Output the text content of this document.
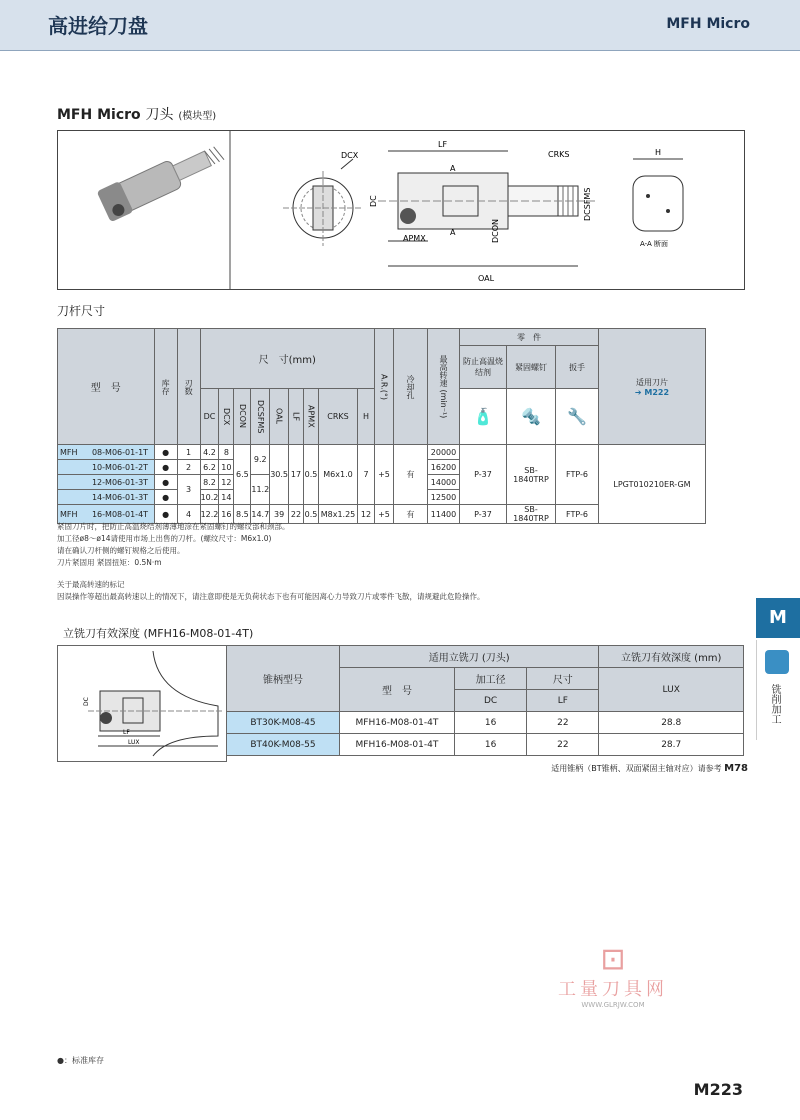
高进给刀盘	MFH Micro
MFH Micro 刀头 (模块型)
DCX
LF
CRKS
A
A
APMX
OAL
DC
DCON
DCSFMS
H
A-A 断面
刀杆尺寸
型　号		库存	刃数	尺　寸(mm)									A.R.(°)	冷却孔	最高转速 (min⁻¹)	零　件			适用刀片
➔ M222

																防止高温烧结剂	紧固螺钉	扳手	
				DC	DCX	DCON	DCSFMS	OAL	LF	APMX	CRKS	H				🧴	🔩	🔧	
MFH	08-M06-01-1T	●	1	4.2	8	6.5	9.2	30.5	17	0.5	M6x1.0	7	+5	有	20000	P-37	SB-1840TRP	FTP-6	LPGT010210ER-GM
	10-M06-01-2T	●	2	6.2	10										16200				
	12-M06-01-3T	●	3	8.2	12		11.2								14000				
	14-M06-01-3T	●		10.2	14										12500				
MFH	16-M08-01-4T	●	4	12.2	16	8.5	14.7	39	22	0.5	M8x1.25	12	+5	有	11400	P-37	SB-1840TRP	FTP-6	
紧固刀片时，把防止高温烧结剂薄薄地涂在紧固螺钉的螺纹部和颈部。
加工径ø8～ø14请使用市场上出售的刀杆。(螺纹尺寸：M6x1.0)
请在确认刀杆侧的螺钉规格之后使用。
刀片紧固用 紧固扭矩：0.5N·m
关于最高转速的标记
因误操作等超出最高转速以上的情况下，请注意即使是无负荷状态下也有可能因离心力导致刀片或零件飞散，请规避此危险操作。
立铣刀有效深度 (MFH16-M08-01-4T)
DC
LF
LUX
锥柄型号	适用立铣刀 (刀头)			立铣刀有效深度 (mm)
	型　号	加工径	尺寸	LUX
		DC	LF	
BT30K-M08-45	MFH16-M08-01-4T	16	22	28.8
BT40K-M08-55	MFH16-M08-01-4T	16	22	28.7
适用锥柄（BT锥柄、双面紧固主轴对应）请参考 M78
M
铣削加工
⊡
工量刀具网
WWW.GLRJW.COM
●：标准库存
M223
